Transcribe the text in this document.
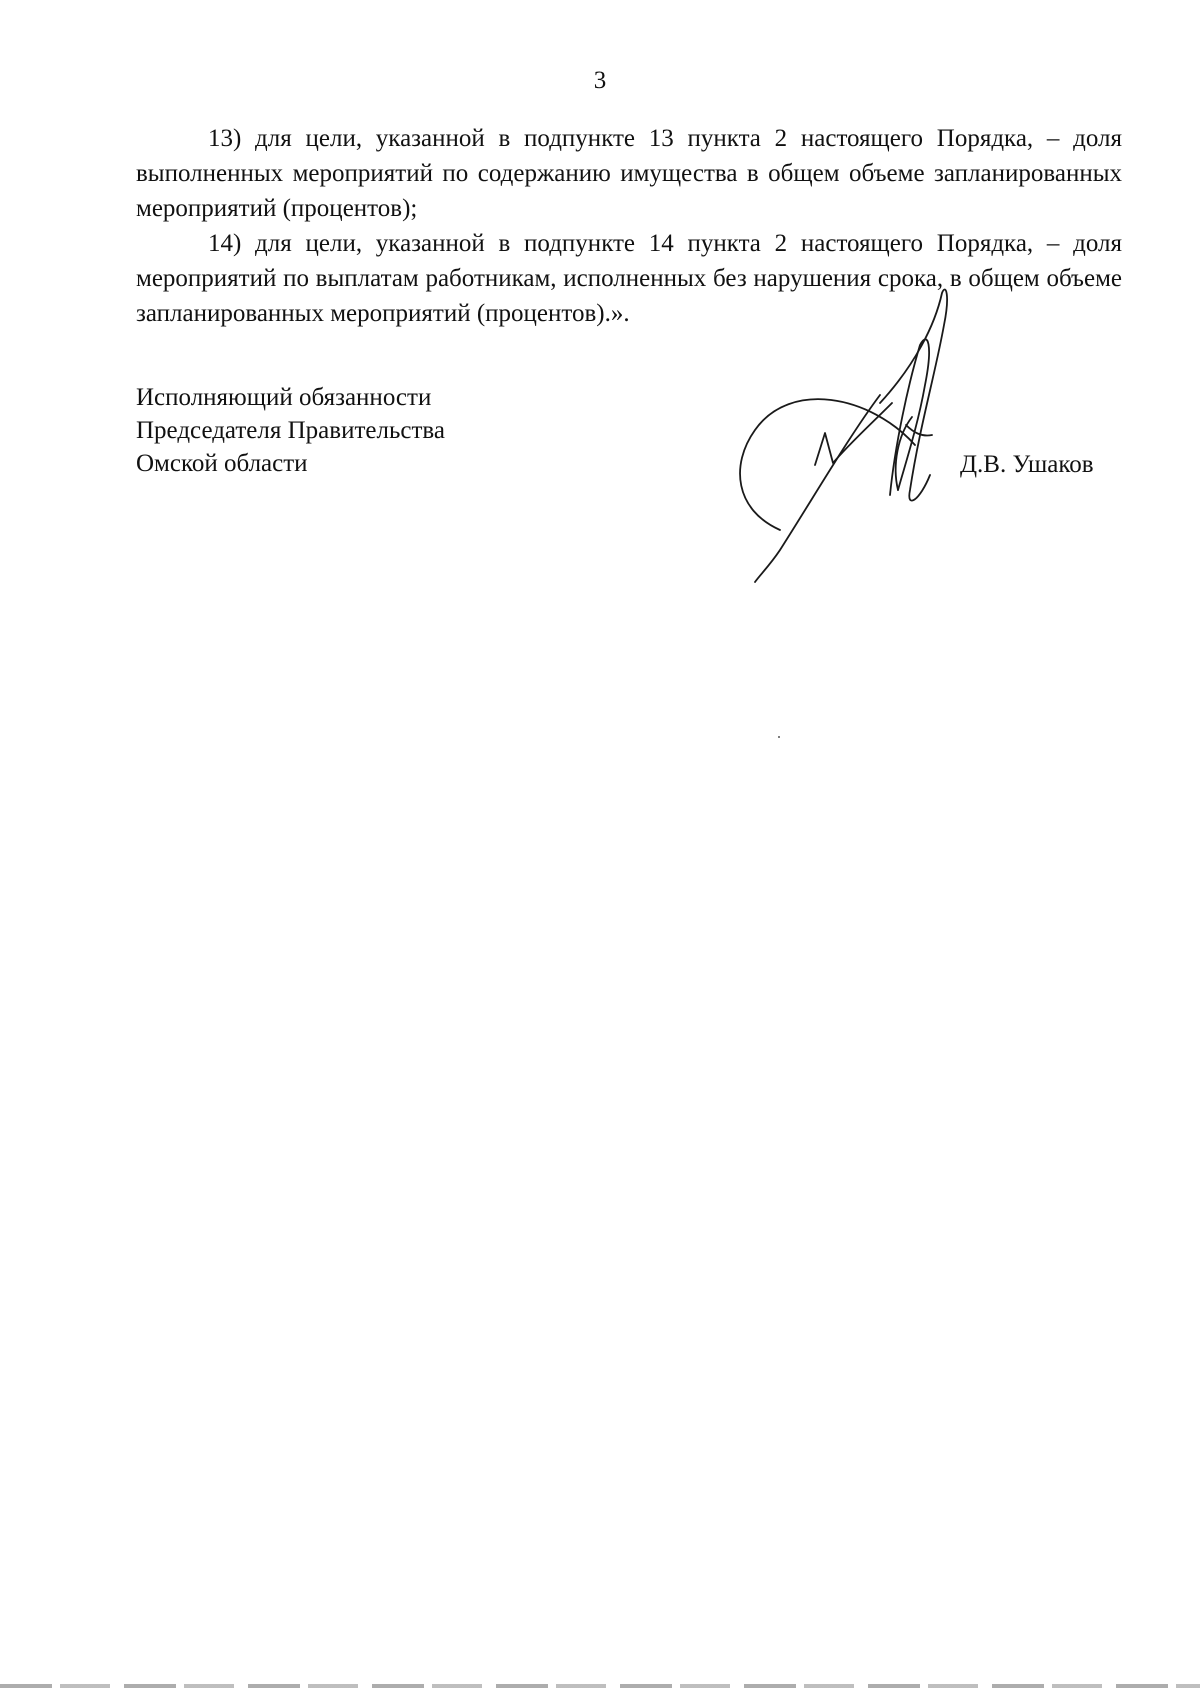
3

13) для цели, указанной в подпункте 13 пункта 2 настоящего Порядка, – доля выполненных мероприятий по содержанию имущества в общем объеме запланированных мероприятий (процентов);

14) для цели, указанной в подпункте 14 пункта 2 настоящего Порядка, – доля мероприятий по выплатам работникам, исполненных без нарушения срока, в общем объеме запланированных мероприятий (процентов).».

Исполняющий обязанности
Председателя Правительства
Омской области	Д.В. Ушаков
